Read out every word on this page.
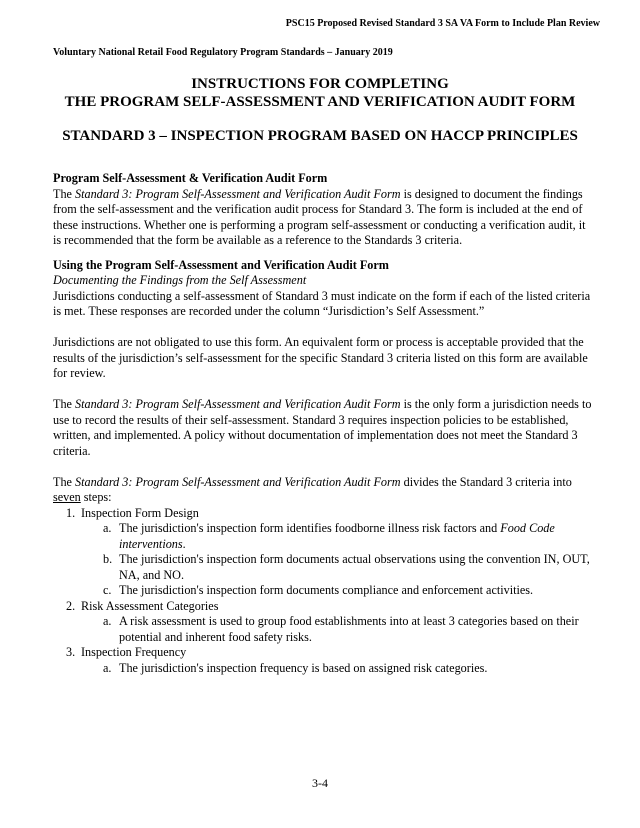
PSC15 Proposed Revised Standard 3 SA VA Form to Include Plan Review
Voluntary National Retail Food Regulatory Program Standards – January 2019
INSTRUCTIONS FOR COMPLETING
THE PROGRAM SELF-ASSESSMENT AND VERIFICATION AUDIT FORM
STANDARD 3 – INSPECTION PROGRAM BASED ON HACCP PRINCIPLES

Program Self-Assessment & Verification Audit Form

The Standard 3: Program Self-Assessment and Verification Audit Form is designed to document the findings from the self-assessment and the verification audit process for Standard 3. The form is included at the end of these instructions. Whether one is performing a program self-assessment or conducting a verification audit, it is recommended that the form be available as a reference to the Standards 3 criteria.

Using the Program Self-Assessment and Verification Audit Form

Documenting the Findings from the Self Assessment

Jurisdictions conducting a self-assessment of Standard 3 must indicate on the form if each of the listed criteria is met. These responses are recorded under the column “Jurisdiction’s Self Assessment.”

Jurisdictions are not obligated to use this form. An equivalent form or process is acceptable provided that the results of the jurisdiction’s self-assessment for the specific Standard 3 criteria listed on this form are available for review.

The Standard 3: Program Self-Assessment and Verification Audit Form is the only form a jurisdiction needs to use to record the results of their self-assessment. Standard 3 requires inspection policies to be established, written, and implemented. A policy without documentation of implementation does not meet the Standard 3 criteria.

The Standard 3: Program Self-Assessment and Verification Audit Form divides the Standard 3 criteria into seven steps:

1. Inspection Form Design
a. The jurisdiction's inspection form identifies foodborne illness risk factors and Food Code interventions.
b. The jurisdiction's inspection form documents actual observations using the convention IN, OUT, NA, and NO.
c. The jurisdiction's inspection form documents compliance and enforcement activities.
2. Risk Assessment Categories
a. A risk assessment is used to group food establishments into at least 3 categories based on their potential and inherent food safety risks.
3. Inspection Frequency
a. The jurisdiction's inspection frequency is based on assigned risk categories.
3-4
